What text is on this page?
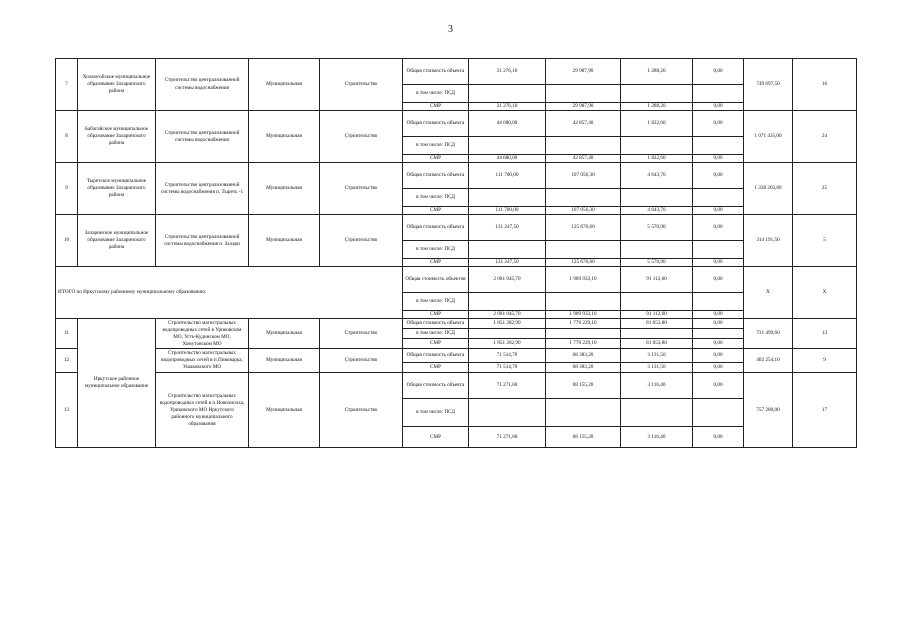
3
7	Холмогойское муниципальное образование Заларинского района	Строительство централизованной системы водоснабжения	Муниципальная	Строительство	Общая стоимость объекта	31 276,10	29 987,90	1 288,20	0,00	749 697,50	16
					в том числе: ПСД						
					СМР	31 276,10	29 987,90	1 288,20	0,00		
8	Бабагайское муниципальное образование Заларинского района	Строительство централизованной системы водоснабжения	Муниципальная	Строительство	Общая стоимость объекта	44 680,00	42 857,40	1 822,60	0,00	1 071 435,00	24
					в том числе: ПСД						
					СМР	44 680,00	42 857,40	1 822,60	0,00		
9	Тыретское муниципальное образование Заларинского района	Строительство централизованной системы водоснабжения п. Тыреть -1	Муниципальная	Строительство	Общая стоимость объекта	111 700,00	107 056,30	4 643,70	0,00	1 338 203,80	25
					в том числе: ПСД						
					СМР	111 700,00	107 056,30	4 643,70	0,00		
10	Заларинское муниципальное образование Заларинского района	Строительство централизованной системы водоснабжения п. Залари	Муниципальная	Строительство	Общая стоимость объекта	131 247,50	125 676,60	5 570,90	0,00	314 191,50	5
					в том числе: ПСД						
					СМР	131 247,50	125 676,60	5 570,90	0,00		
ИТОГО по Иркутскому районному муниципальному образованию:					Общая стоимость объектов	2 081 045,70	1 989 933,10	91 112,60	0,00	X	X
					в том числе: ПСД						
					СМР	2 081 045,70	1 989 933,10	91 112,60	0,00		
11	Иркутское районное муниципальное образование	Строительство магистральных водопроводных сетей в Уриковском МО, Усть-Кудинском МО, Хомутовском МО	Муниципальная	Строительство	Общая стоимость объекта	1 851 282,90	1 770 229,10	81 053,80	0,00	731 499,60	13
					в том числе: ПСД						
					СМР	1 851 282,90	1 770 229,10	81 053,80	0,00		
12		Строительство магистральных водопроводных сетей в п.Пивоварка, Ушаковского МО	Муниципальная	Строительство	Общая стоимость объекта	71 514,70	68 383,20	3 131,50	0,00	402 254,10	9
					СМР	71 514,70	68 383,20	3 131,50	0,00		
13		Строительство магистральных водопроводных сетей в п.Новолисиха, Уриковского МО Иркутского районного муниципального образования	Муниципальная	Строительство	Общая стоимость объекта	71 271,60	68 155,20	3 116,40	0,00	757 280,00	17
					в том числе: ПСД						
					СМР	71 271,60	68 155,20	3 116,40	0,00		
